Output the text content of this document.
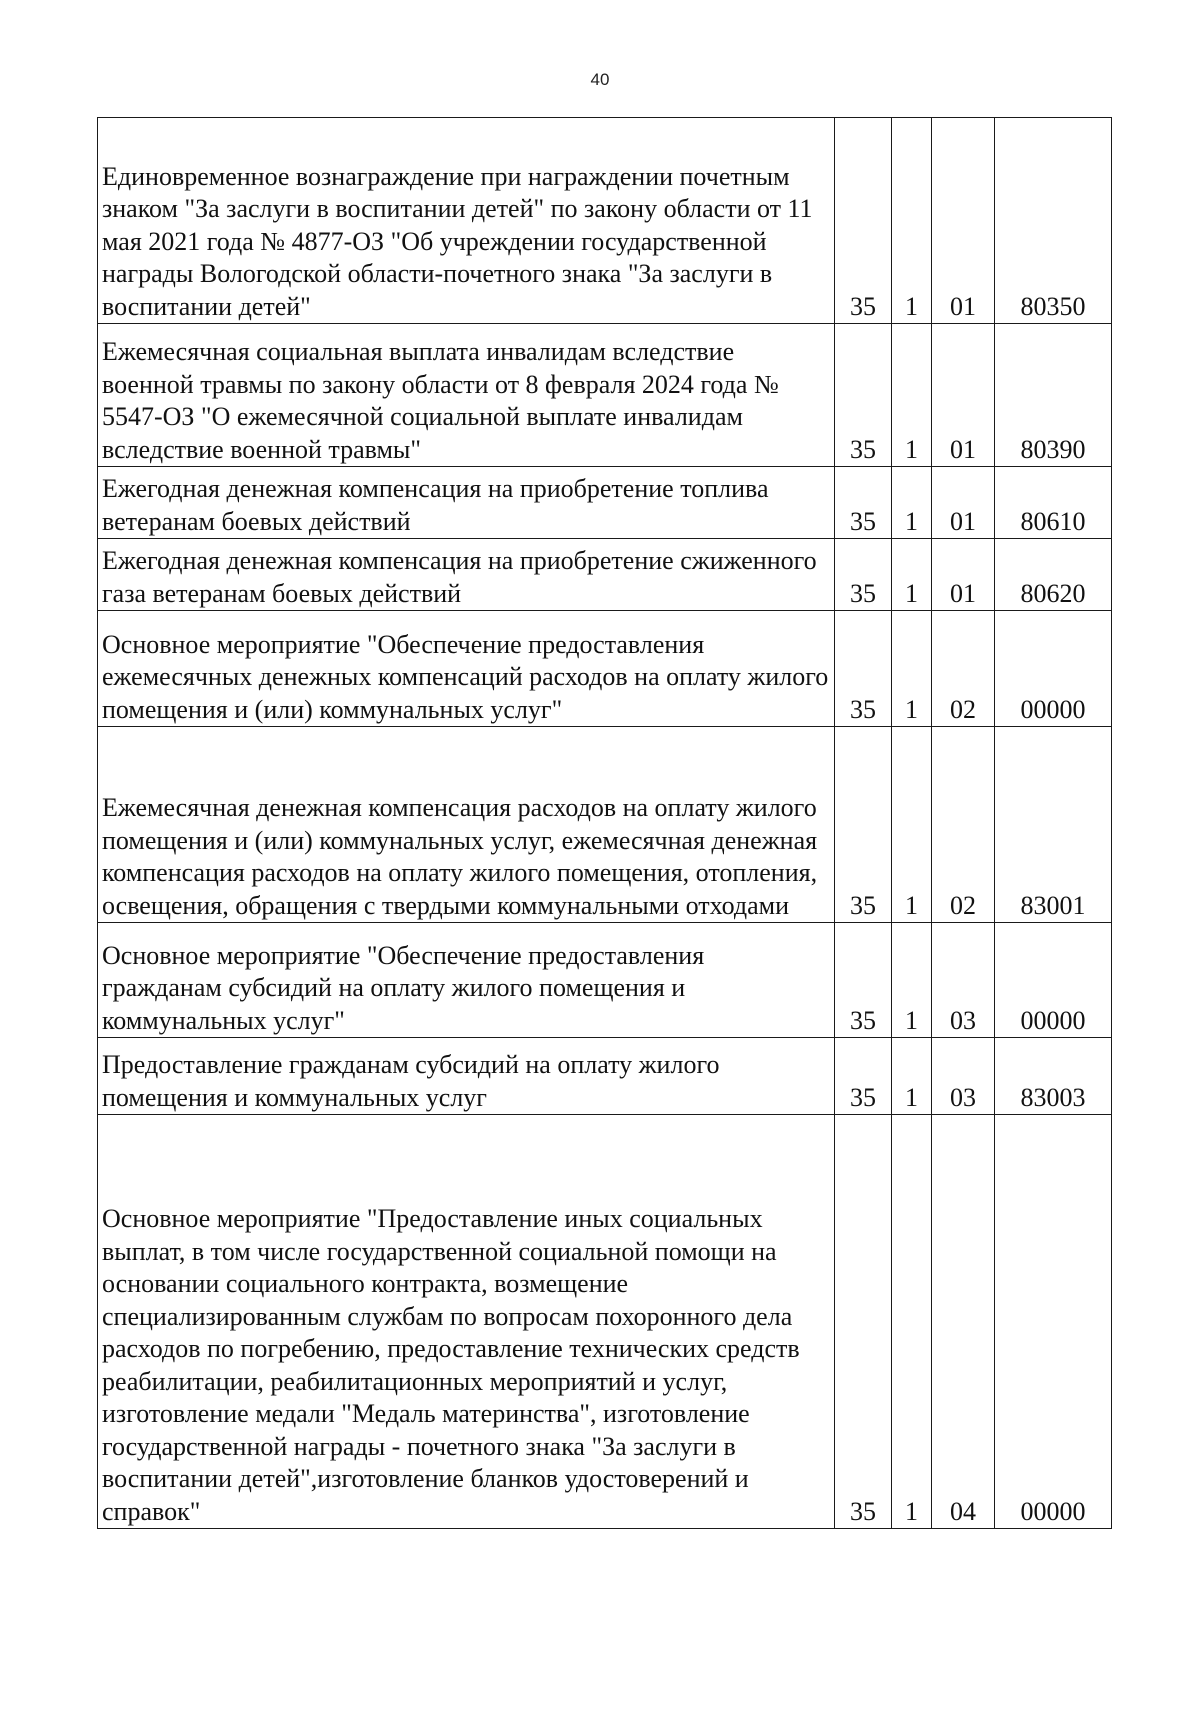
40
Единовременное вознаграждение при награждении почетным знаком "За заслуги в воспитании детей" по закону области от 11 мая 2021 года № 4877-ОЗ "Об учреждении государственной награды Вологодской области-почетного знака "За заслуги в воспитании детей"	35	1	01	80350

Ежемесячная социальная выплата инвалидам вследствие военной травмы по закону области от 8 февраля 2024 года № 5547-ОЗ "О ежемесячной социальной выплате инвалидам вследствие военной травмы"	35	1	01	80390

Ежегодная денежная компенсация на приобретение топлива ветеранам боевых действий	35	1	01	80610

Ежегодная денежная компенсация на приобретение сжиженного газа ветеранам боевых действий	35	1	01	80620

Основное мероприятие "Обеспечение предоставления ежемесячных денежных компенсаций расходов на оплату жилого помещения и (или) коммунальных услуг"	35	1	02	00000

Ежемесячная денежная компенсация расходов на оплату жилого помещения и (или) коммунальных услуг, ежемесячная денежная компенсация расходов на оплату жилого помещения, отопления, освещения, обращения с твердыми коммунальными отходами	35	1	02	83001

Основное мероприятие "Обеспечение предоставления гражданам субсидий на оплату жилого помещения и коммунальных услуг"	35	1	03	00000

Предоставление гражданам субсидий на оплату жилого помещения и коммунальных услуг	35	1	03	83003

Основное мероприятие "Предоставление иных социальных выплат, в том числе государственной социальной помощи на основании социального контракта, возмещение специализированным службам по вопросам похоронного дела расходов по погребению, предоставление технических средств реабилитации, реабилитационных мероприятий и услуг, изготовление медали "Медаль материнства", изготовление государственной награды - почетного знака "За заслуги в воспитании детей",изготовление бланков удостоверений и справок"	35	1	04	00000
